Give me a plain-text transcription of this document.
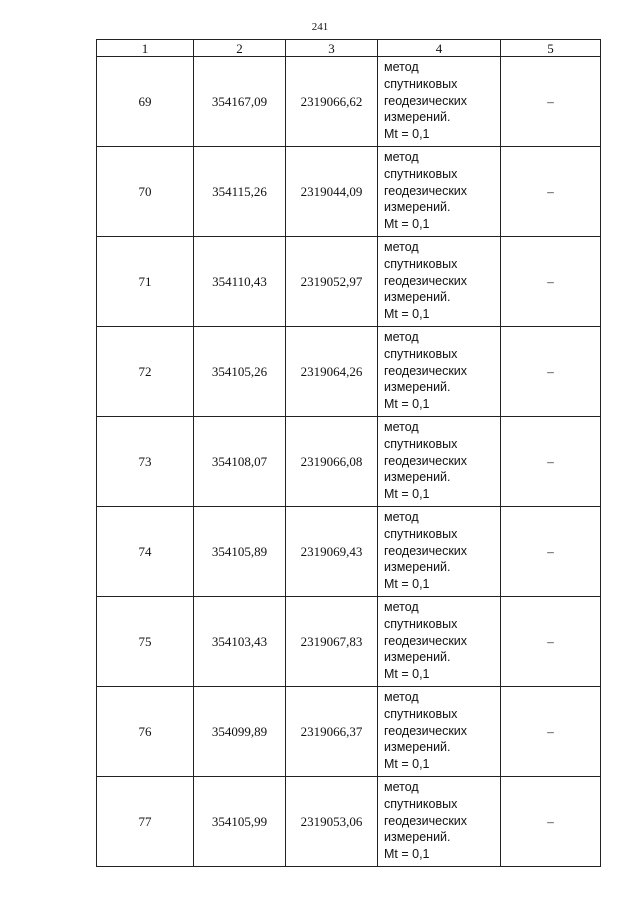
241
1	2	3	4	5
69	354167,09	2319066,62	метод
спутниковых
геодезических
измерений.
Mt = 0,1	–
70	354115,26	2319044,09	метод
спутниковых
геодезических
измерений.
Mt = 0,1	–
71	354110,43	2319052,97	метод
спутниковых
геодезических
измерений.
Mt = 0,1	–
72	354105,26	2319064,26	метод
спутниковых
геодезических
измерений.
Mt = 0,1	–
73	354108,07	2319066,08	метод
спутниковых
геодезических
измерений.
Mt = 0,1	–
74	354105,89	2319069,43	метод
спутниковых
геодезических
измерений.
Mt = 0,1	–
75	354103,43	2319067,83	метод
спутниковых
геодезических
измерений.
Mt = 0,1	–
76	354099,89	2319066,37	метод
спутниковых
геодезических
измерений.
Mt = 0,1	–
77	354105,99	2319053,06	метод
спутниковых
геодезических
измерений.
Mt = 0,1	–
